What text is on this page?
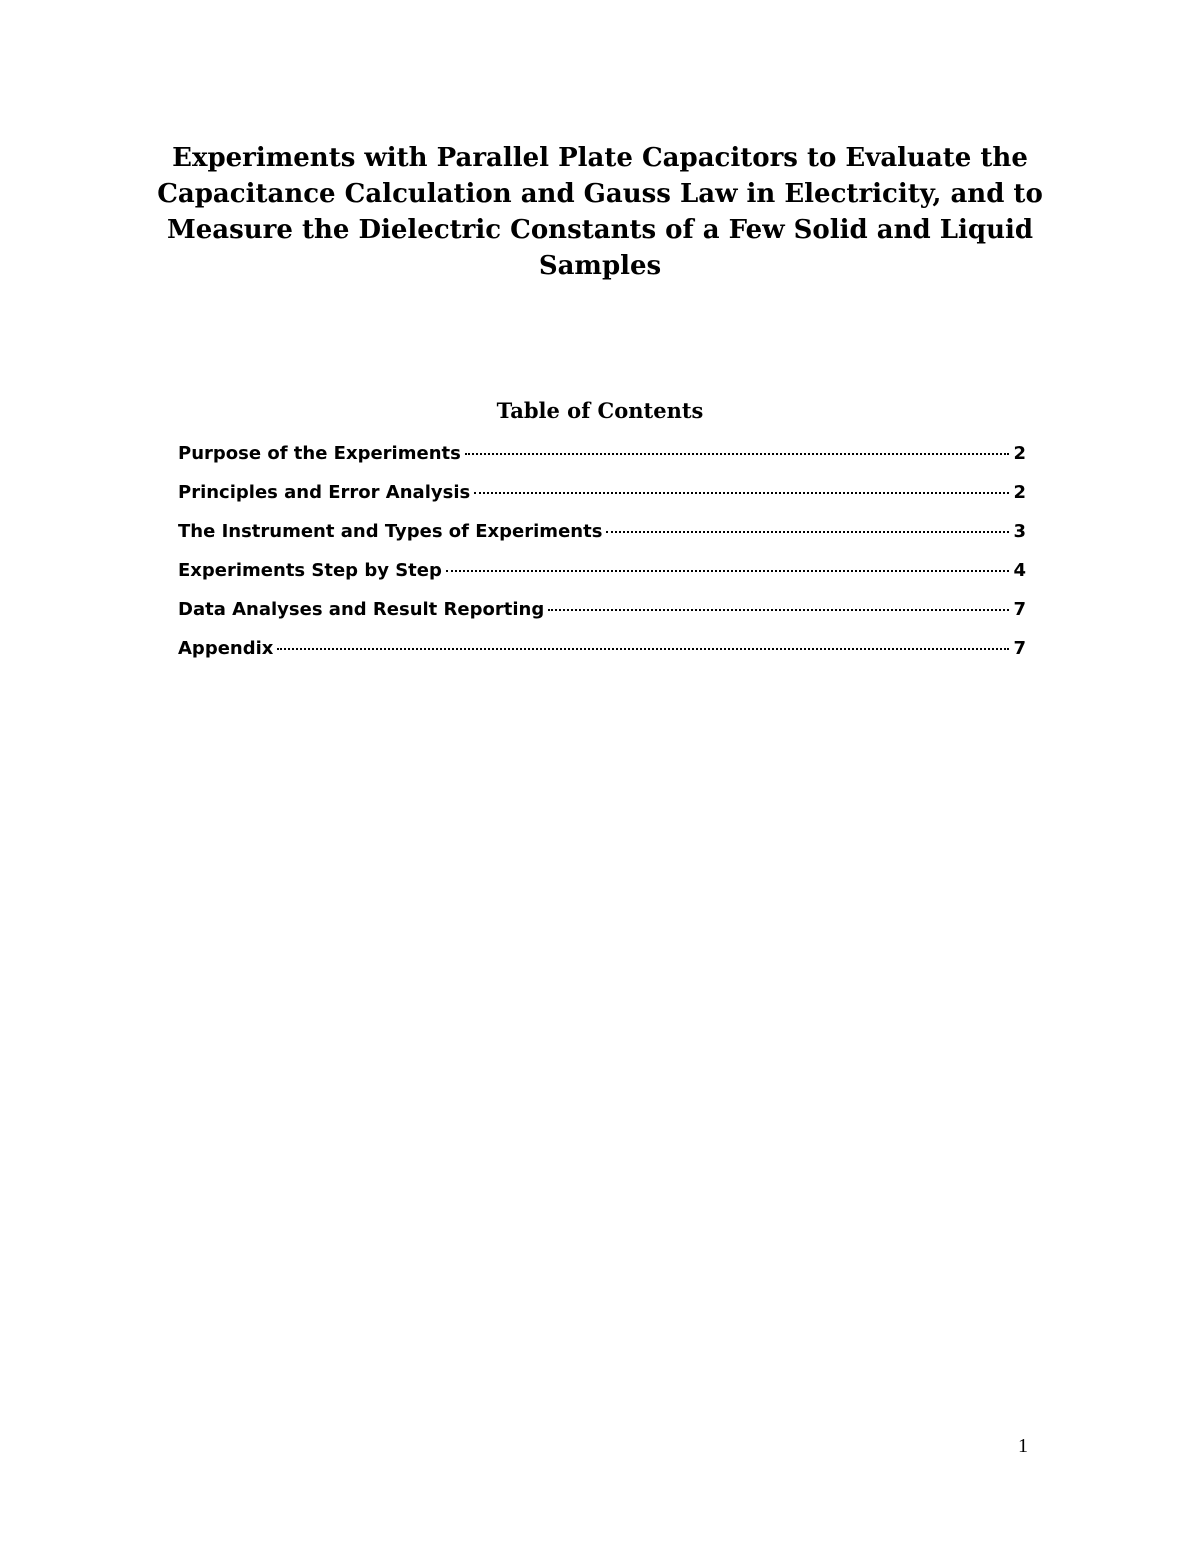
Experiments with Parallel Plate Capacitors to Evaluate the Capacitance Calculation and Gauss Law in Electricity, and to Measure the Dielectric Constants of a Few Solid and Liquid Samples
Table of Contents
Purpose of the Experiments	2
Principles and Error Analysis	2
The Instrument and Types of Experiments	3
Experiments Step by Step	4
Data Analyses and Result Reporting	7
Appendix	7
1
